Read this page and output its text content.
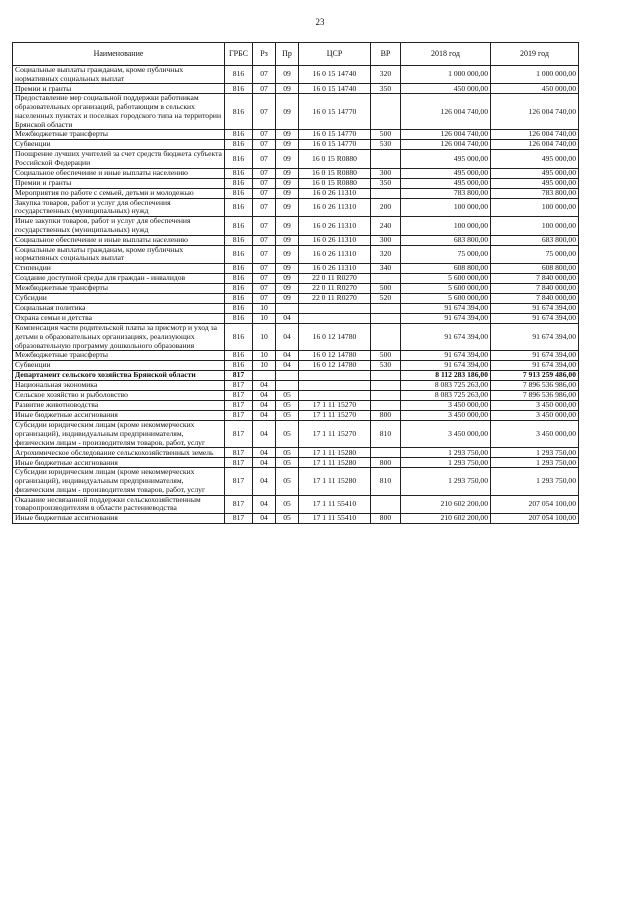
23
Наименование	ГРБС	Рз	Пр	ЦСР	ВР	2018 год	2019 год
Социальные выплаты гражданам, кроме публичных нормативных социальных выплат	816	07	09	16 0 15 14740	320	1 000 000,00	1 000 000,00
Премии и гранты	816	07	09	16 0 15 14740	350	450 000,00	450 000,00
Предоставление мер социальной поддержки работникам образовательных организаций, работающим в сельских населенных пунктах и поселках городского типа на территории Брянской области	816	07	09	16 0 15 14770		126 004 740,00	126 004 740,00
Межбюджетные трансферты	816	07	09	16 0 15 14770	500	126 004 740,00	126 004 740,00
Субвенции	816	07	09	16 0 15 14770	530	126 004 740,00	126 004 740,00
Поощрение лучших учителей за счет средств бюджета субъекта Российской Федерации	816	07	09	16 0 15 R0880		495 000,00	495 000,00
Социальное обеспечение и иные выплаты населению	816	07	09	16 0 15 R0880	300	495 000,00	495 000,00
Премии и гранты	816	07	09	16 0 15 R0880	350	495 000,00	495 000,00
Мероприятия по работе с семьей, детьми и молодежью	816	07	09	16 0 26 11310		783 800,00	783 800,00
Закупка товаров, работ и услуг для обеспечения государственных (муниципальных) нужд	816	07	09	16 0 26 11310	200	100 000,00	100 000,00
Иные закупки товаров, работ и услуг для обеспечения государственных (муниципальных) нужд	816	07	09	16 0 26 11310	240	100 000,00	100 000,00
Социальное обеспечение и иные выплаты населению	816	07	09	16 0 26 11310	300	683 800,00	683 800,00
Социальные выплаты гражданам, кроме публичных нормативных социальных выплат	816	07	09	16 0 26 11310	320	75 000,00	75 000,00
Стипендии	816	07	09	16 0 26 11310	340	608 800,00	608 800,00
Создание доступной среды для граждан - инвалидов	816	07	09	22 0 11 R0270		5 600 000,00	7 840 000,00
Межбюджетные трансферты	816	07	09	22 0 11 R0270	500	5 600 000,00	7 840 000,00
Субсидии	816	07	09	22 0 11 R0270	520	5 600 000,00	7 840 000,00
Социальная политика	816	10				91 674 394,00	91 674 394,00
Охрана семьи и детства	816	10	04			91 674 394,00	91 674 394,00
Компенсация части родительской платы за присмотр и уход за детьми в образовательных организациях, реализующих образовательную программу дошкольного образования	816	10	04	16 0 12 14780		91 674 394,00	91 674 394,00
Межбюджетные трансферты	816	10	04	16 0 12 14780	500	91 674 394,00	91 674 394,00
Субвенции	816	10	04	16 0 12 14780	530	91 674 394,00	91 674 394,00
Департамент сельского хозяйства Брянской области	817					8 112 283 186,00	7 913 259 486,00
Национальная экономика	817	04				8 083 725 263,00	7 896 536 986,00
Сельское хозяйство и рыболовство	817	04	05			8 083 725 263,00	7 896 536 986,00
Развитие животноводства	817	04	05	17 1 11 15270		3 450 000,00	3 450 000,00
Иные бюджетные ассигнования	817	04	05	17 1 11 15270	800	3 450 000,00	3 450 000,00
Субсидии юридическим лицам (кроме некоммерческих организаций), индивидуальным предпринимателям, физическим лицам - производителям товаров, работ, услуг	817	04	05	17 1 11 15270	810	3 450 000,00	3 450 000,00
Агрохимическое обследование сельскохозяйственных земель	817	04	05	17 1 11 15280		1 293 750,00	1 293 750,00
Иные бюджетные ассигнования	817	04	05	17 1 11 15280	800	1 293 750,00	1 293 750,00
Субсидии юридическим лицам (кроме некоммерческих организаций), индивидуальным предпринимателям, физическим лицам - производителям товаров, работ, услуг	817	04	05	17 1 11 15280	810	1 293 750,00	1 293 750,00
Оказание несвязанной поддержки сельскохозяйственным товаропроизводителям в области растениеводства	817	04	05	17 1 11 55410		210 602 200,00	207 054 100,00
Иные бюджетные ассигнования	817	04	05	17 1 11 55410	800	210 602 200,00	207 054 100,00
